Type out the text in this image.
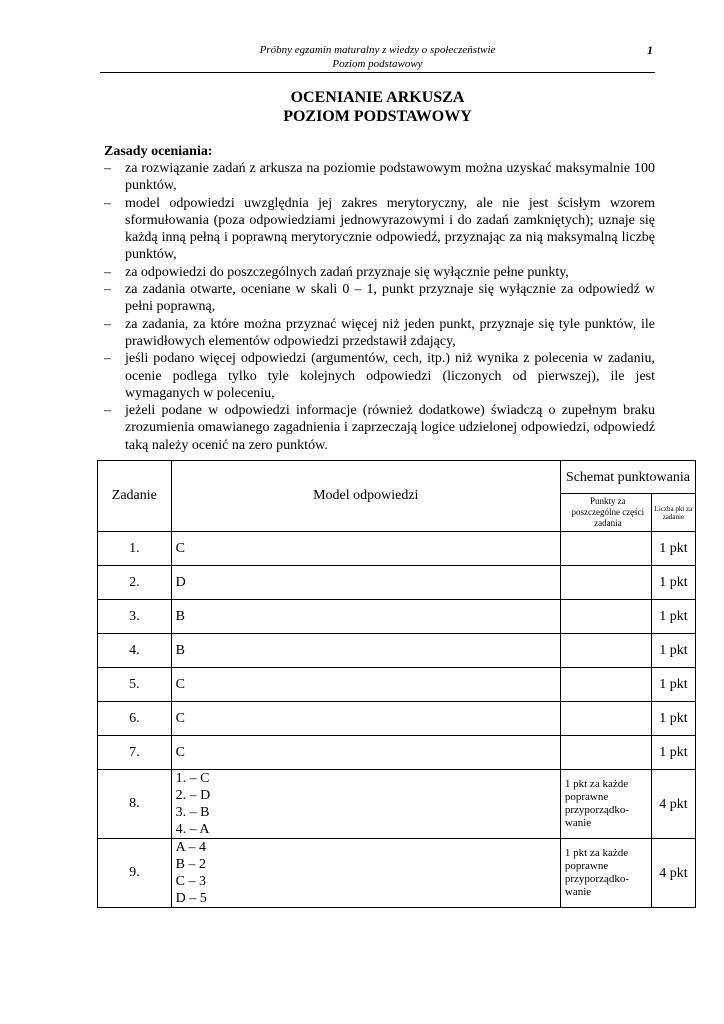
Próbny egzamin maturalny z wiedzy o społeczeństwie
Poziom podstawowy
1
OCENIANIE ARKUSZA
POZIOM PODSTAWOWY
Zasady oceniania:
– za rozwiązanie zadań z arkusza na poziomie podstawowym można uzyskać maksymalnie 100 punktów,
– model odpowiedzi uwzględnia jej zakres merytoryczny, ale nie jest ścisłym wzorem sformułowania (poza odpowiedziami jednowyrazowymi i do zadań zamkniętych); uznaje się każdą inną pełną i poprawną merytorycznie odpowiedź, przyznając za nią maksymalną liczbę punktów,
– za odpowiedzi do poszczególnych zadań przyznaje się wyłącznie pełne punkty,
– za zadania otwarte, oceniane w skali 0 – 1, punkt przyznaje się wyłącznie za odpowiedź w pełni poprawną,
– za zadania, za które można przyznać więcej niż jeden punkt, przyznaje się tyle punktów, ile prawidłowych elementów odpowiedzi przedstawił zdający,
– jeśli podano więcej odpowiedzi (argumentów, cech, itp.) niż wynika z polecenia w zadaniu, ocenie podlega tylko tyle kolejnych odpowiedzi (liczonych od pierwszej), ile jest wymaganych w poleceniu,
– jeżeli podane w odpowiedzi informacje (również dodatkowe) świadczą o zupełnym braku zrozumienia omawianego zagadnienia i zaprzeczają logice udzielonej odpowiedzi, odpowiedź taką należy ocenić na zero punktów.
Zadanie	Model odpowiedzi	Schemat punktowania	
		Punkty za poszczególne części zadania	Liczba pkt za zadanie
1.	C		1 pkt
2.	D		1 pkt
3.	B		1 pkt
4.	B		1 pkt
5.	C		1 pkt
6.	C		1 pkt
7.	C		1 pkt
8.	1. – C
2. – D
3. – B
4. – A	1 pkt za każde poprawne przyporządko-wanie	4 pkt
9.	A – 4
B – 2
C – 3
D – 5	1 pkt za każde poprawne przyporządko-wanie	4 pkt
